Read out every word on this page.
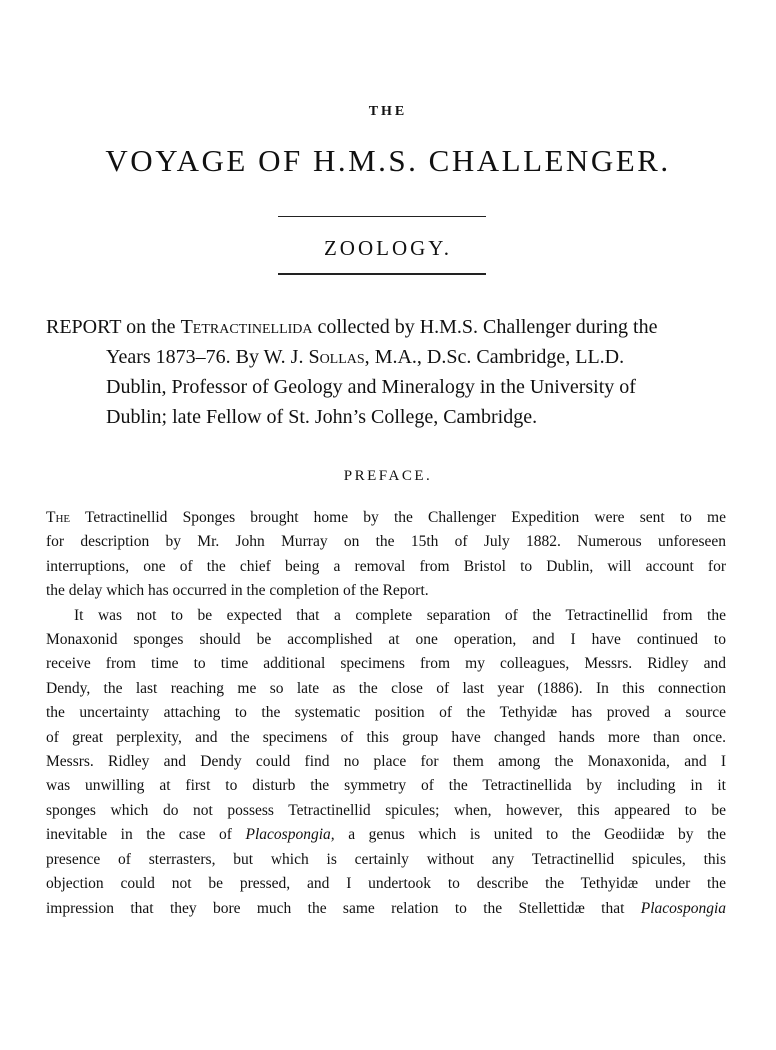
THE
VOYAGE OF H.M.S. CHALLENGER.
ZOOLOGY.
REPORT on the Tetractinellida collected by H.M.S. Challenger during the
Years 1873–76. By W. J. Sollas, M.A., D.Sc. Cambridge, LL.D.
Dublin, Professor of Geology and Mineralogy in the University of
Dublin; late Fellow of St. John’s College, Cambridge.
PREFACE.
The Tetractinellid Sponges brought home by the Challenger Expedition were sent to me
for description by Mr. John Murray on the 15th of July 1882. Numerous unforeseen
interruptions, one of the chief being a removal from Bristol to Dublin, will account for
the delay which has occurred in the completion of the Report.
It was not to be expected that a complete separation of the Tetractinellid from the
Monaxonid sponges should be accomplished at one operation, and I have continued to
receive from time to time additional specimens from my colleagues, Messrs. Ridley and
Dendy, the last reaching me so late as the close of last year (1886). In this connection
the uncertainty attaching to the systematic position of the Tethyidæ has proved a source
of great perplexity, and the specimens of this group have changed hands more than once.
Messrs. Ridley and Dendy could find no place for them among the Monaxonida, and I
was unwilling at first to disturb the symmetry of the Tetractinellida by including in it
sponges which do not possess Tetractinellid spicules; when, however, this appeared to be
inevitable in the case of Placospongia, a genus which is united to the Geodiidæ by the
presence of sterrasters, but which is certainly without any Tetractinellid spicules, this
objection could not be pressed, and I undertook to describe the Tethyidæ under the
impression that they bore much the same relation to the Stellettidæ that Placospongia
